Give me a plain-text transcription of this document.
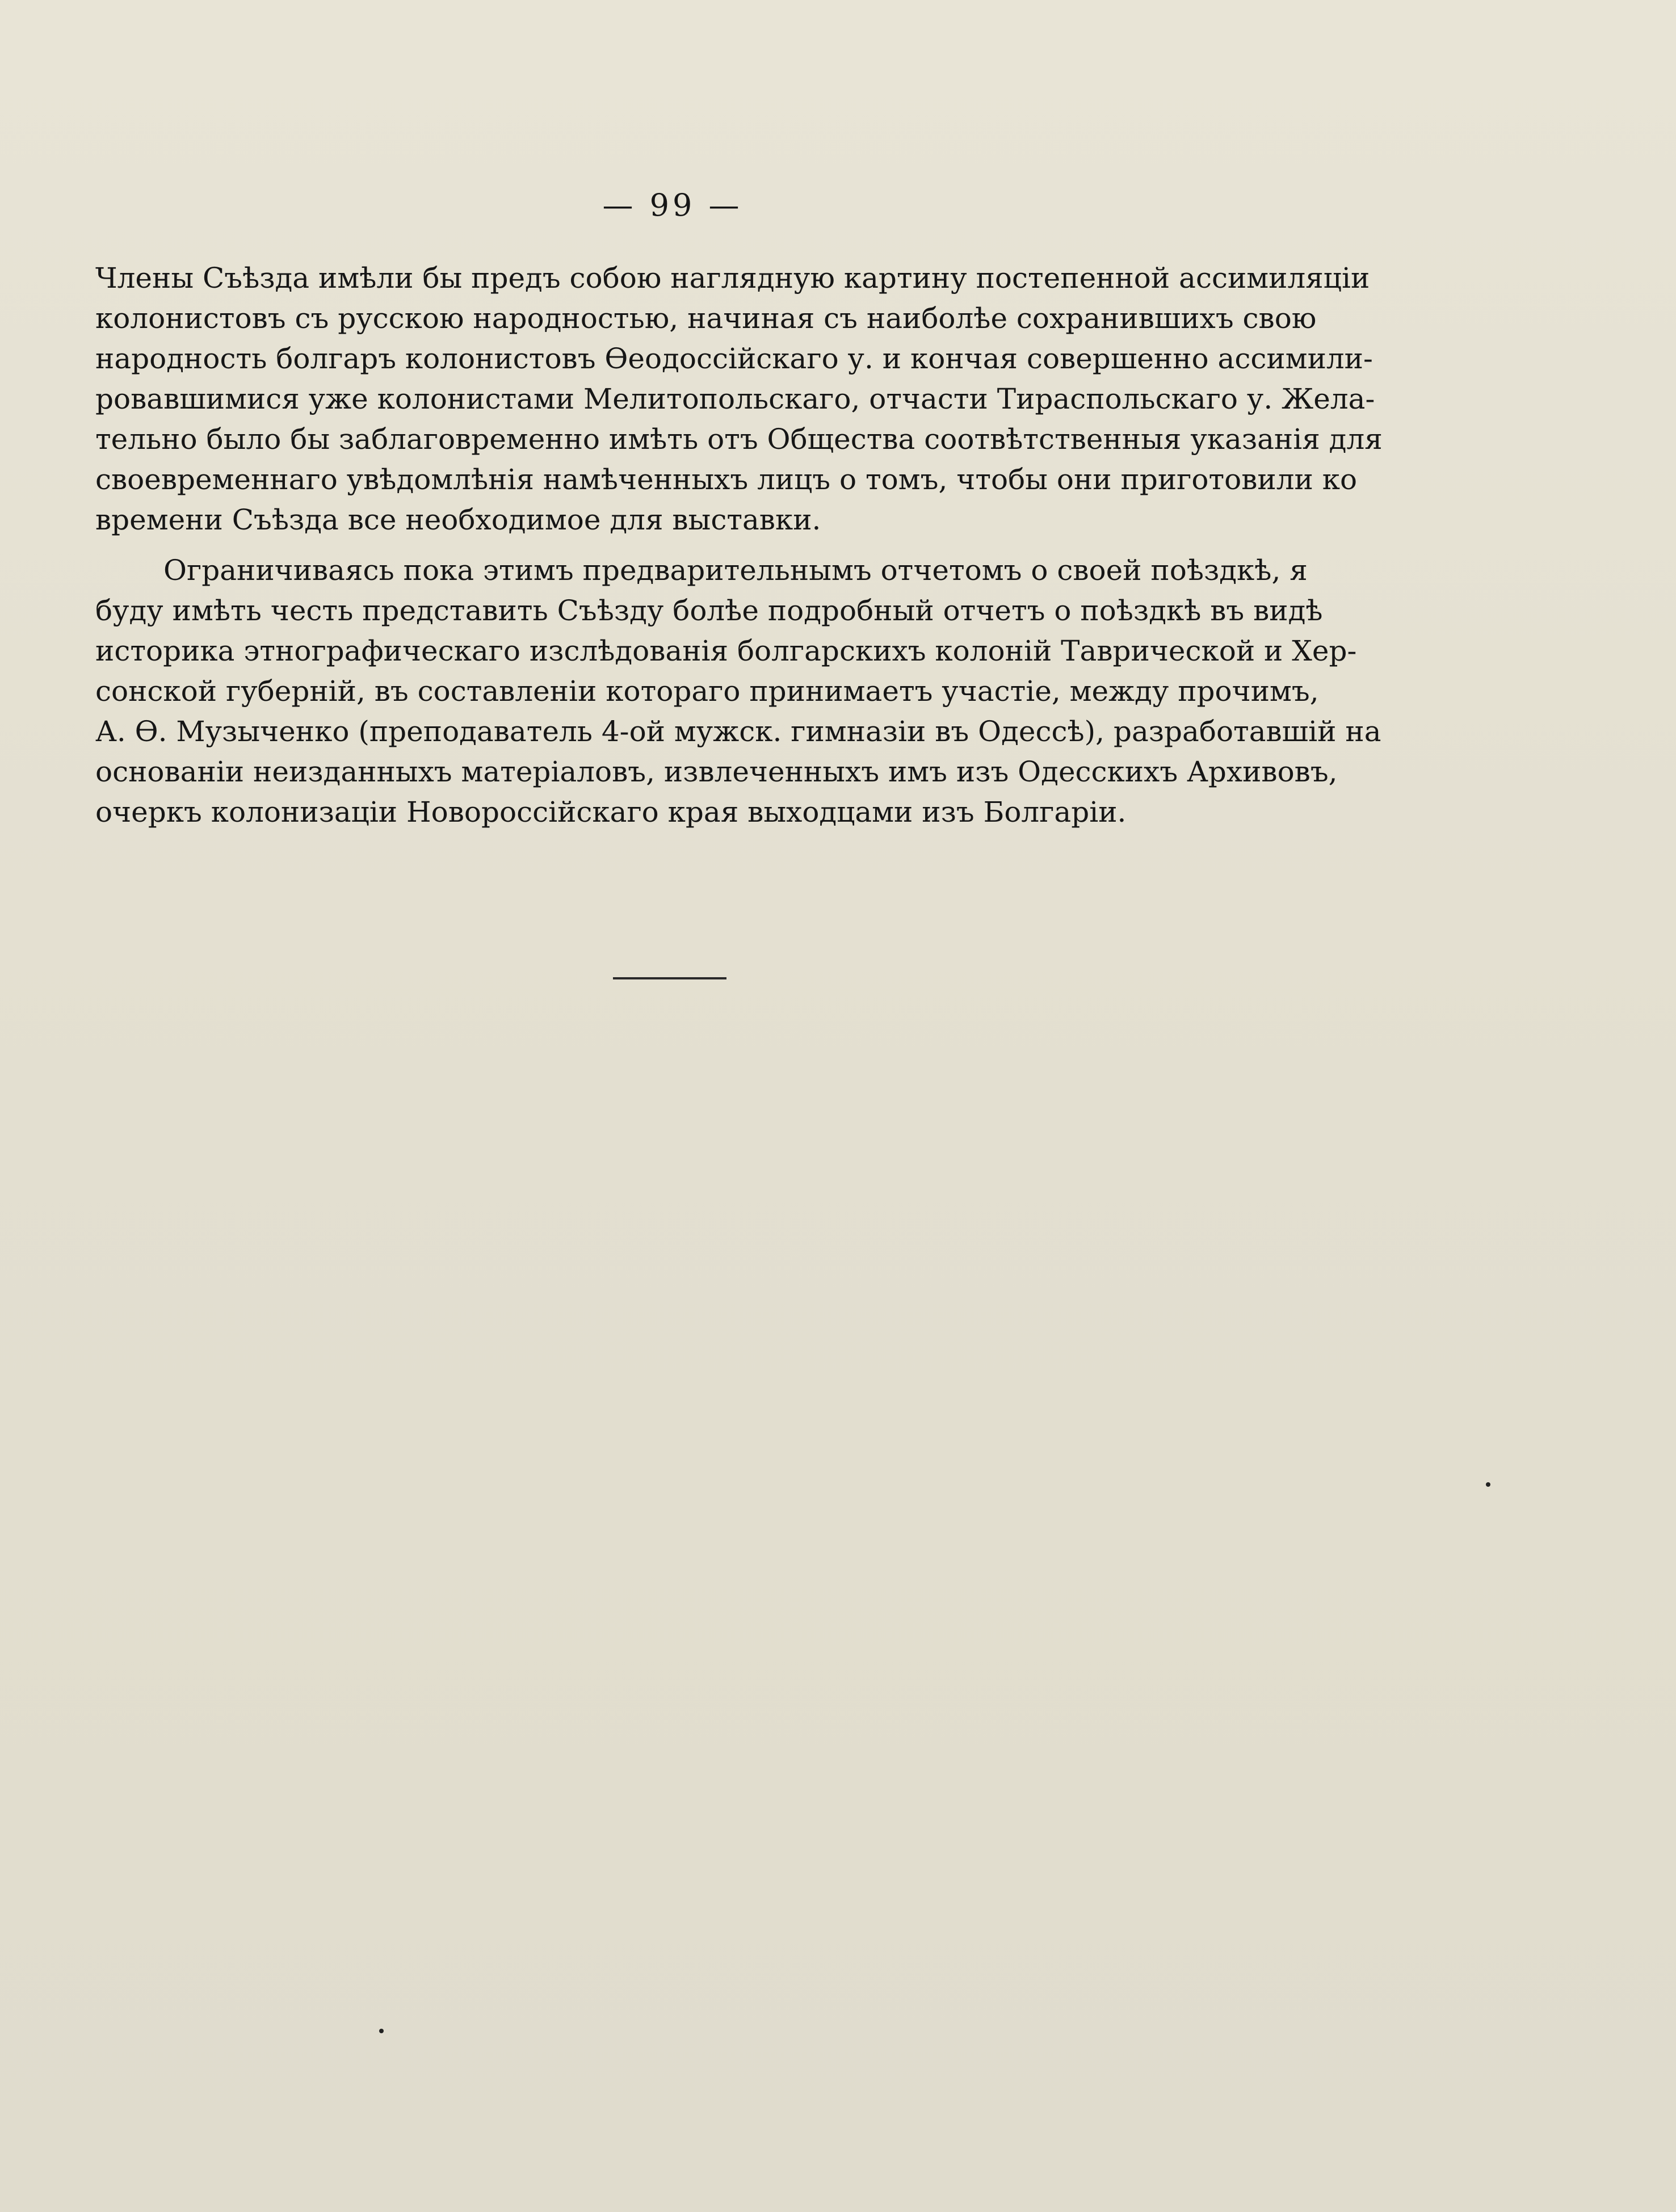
— 99 —
Члены Съѣзда имѣли бы предъ собою наглядную картину постепенной ассимиляціи
колонистовъ съ русскою народностью, начиная съ наиболѣе сохранившихъ свою
народность болгаръ колонистовъ Ѳеодоссійскаго у. и кончая совершенно ассимили-
ровавшимися уже колонистами Мелитопольскаго, отчасти Тираспольскаго у. Жела-
тельно было бы заблаговременно имѣть отъ Общества соотвѣтственныя указанія для
своевременнаго увѣдомлѣнія намѣченныхъ лицъ о томъ, чтобы они приготовили ко
времени Съѣзда все необходимое для выставки.
Ограничиваясь пока этимъ предварительнымъ отчетомъ о своей поѣздкѣ, я
буду имѣть честь представить Съѣзду болѣе подробный отчетъ о поѣздкѣ въ видѣ
историка этнографическаго изслѣдованія болгарскихъ колоній Таврической и Хер-
сонской губерній, въ составленіи котораго принимаетъ участіе, между прочимъ,
А. Ѳ. Музыченко (преподаватель 4-ой мужск. гимназіи въ Одессѣ), разработавшій на
основаніи неизданныхъ матеріаловъ, извлеченныхъ имъ изъ Одесскихъ Архивовъ,
очеркъ колонизаціи Новороссійскаго края выходцами изъ Болгаріи.
